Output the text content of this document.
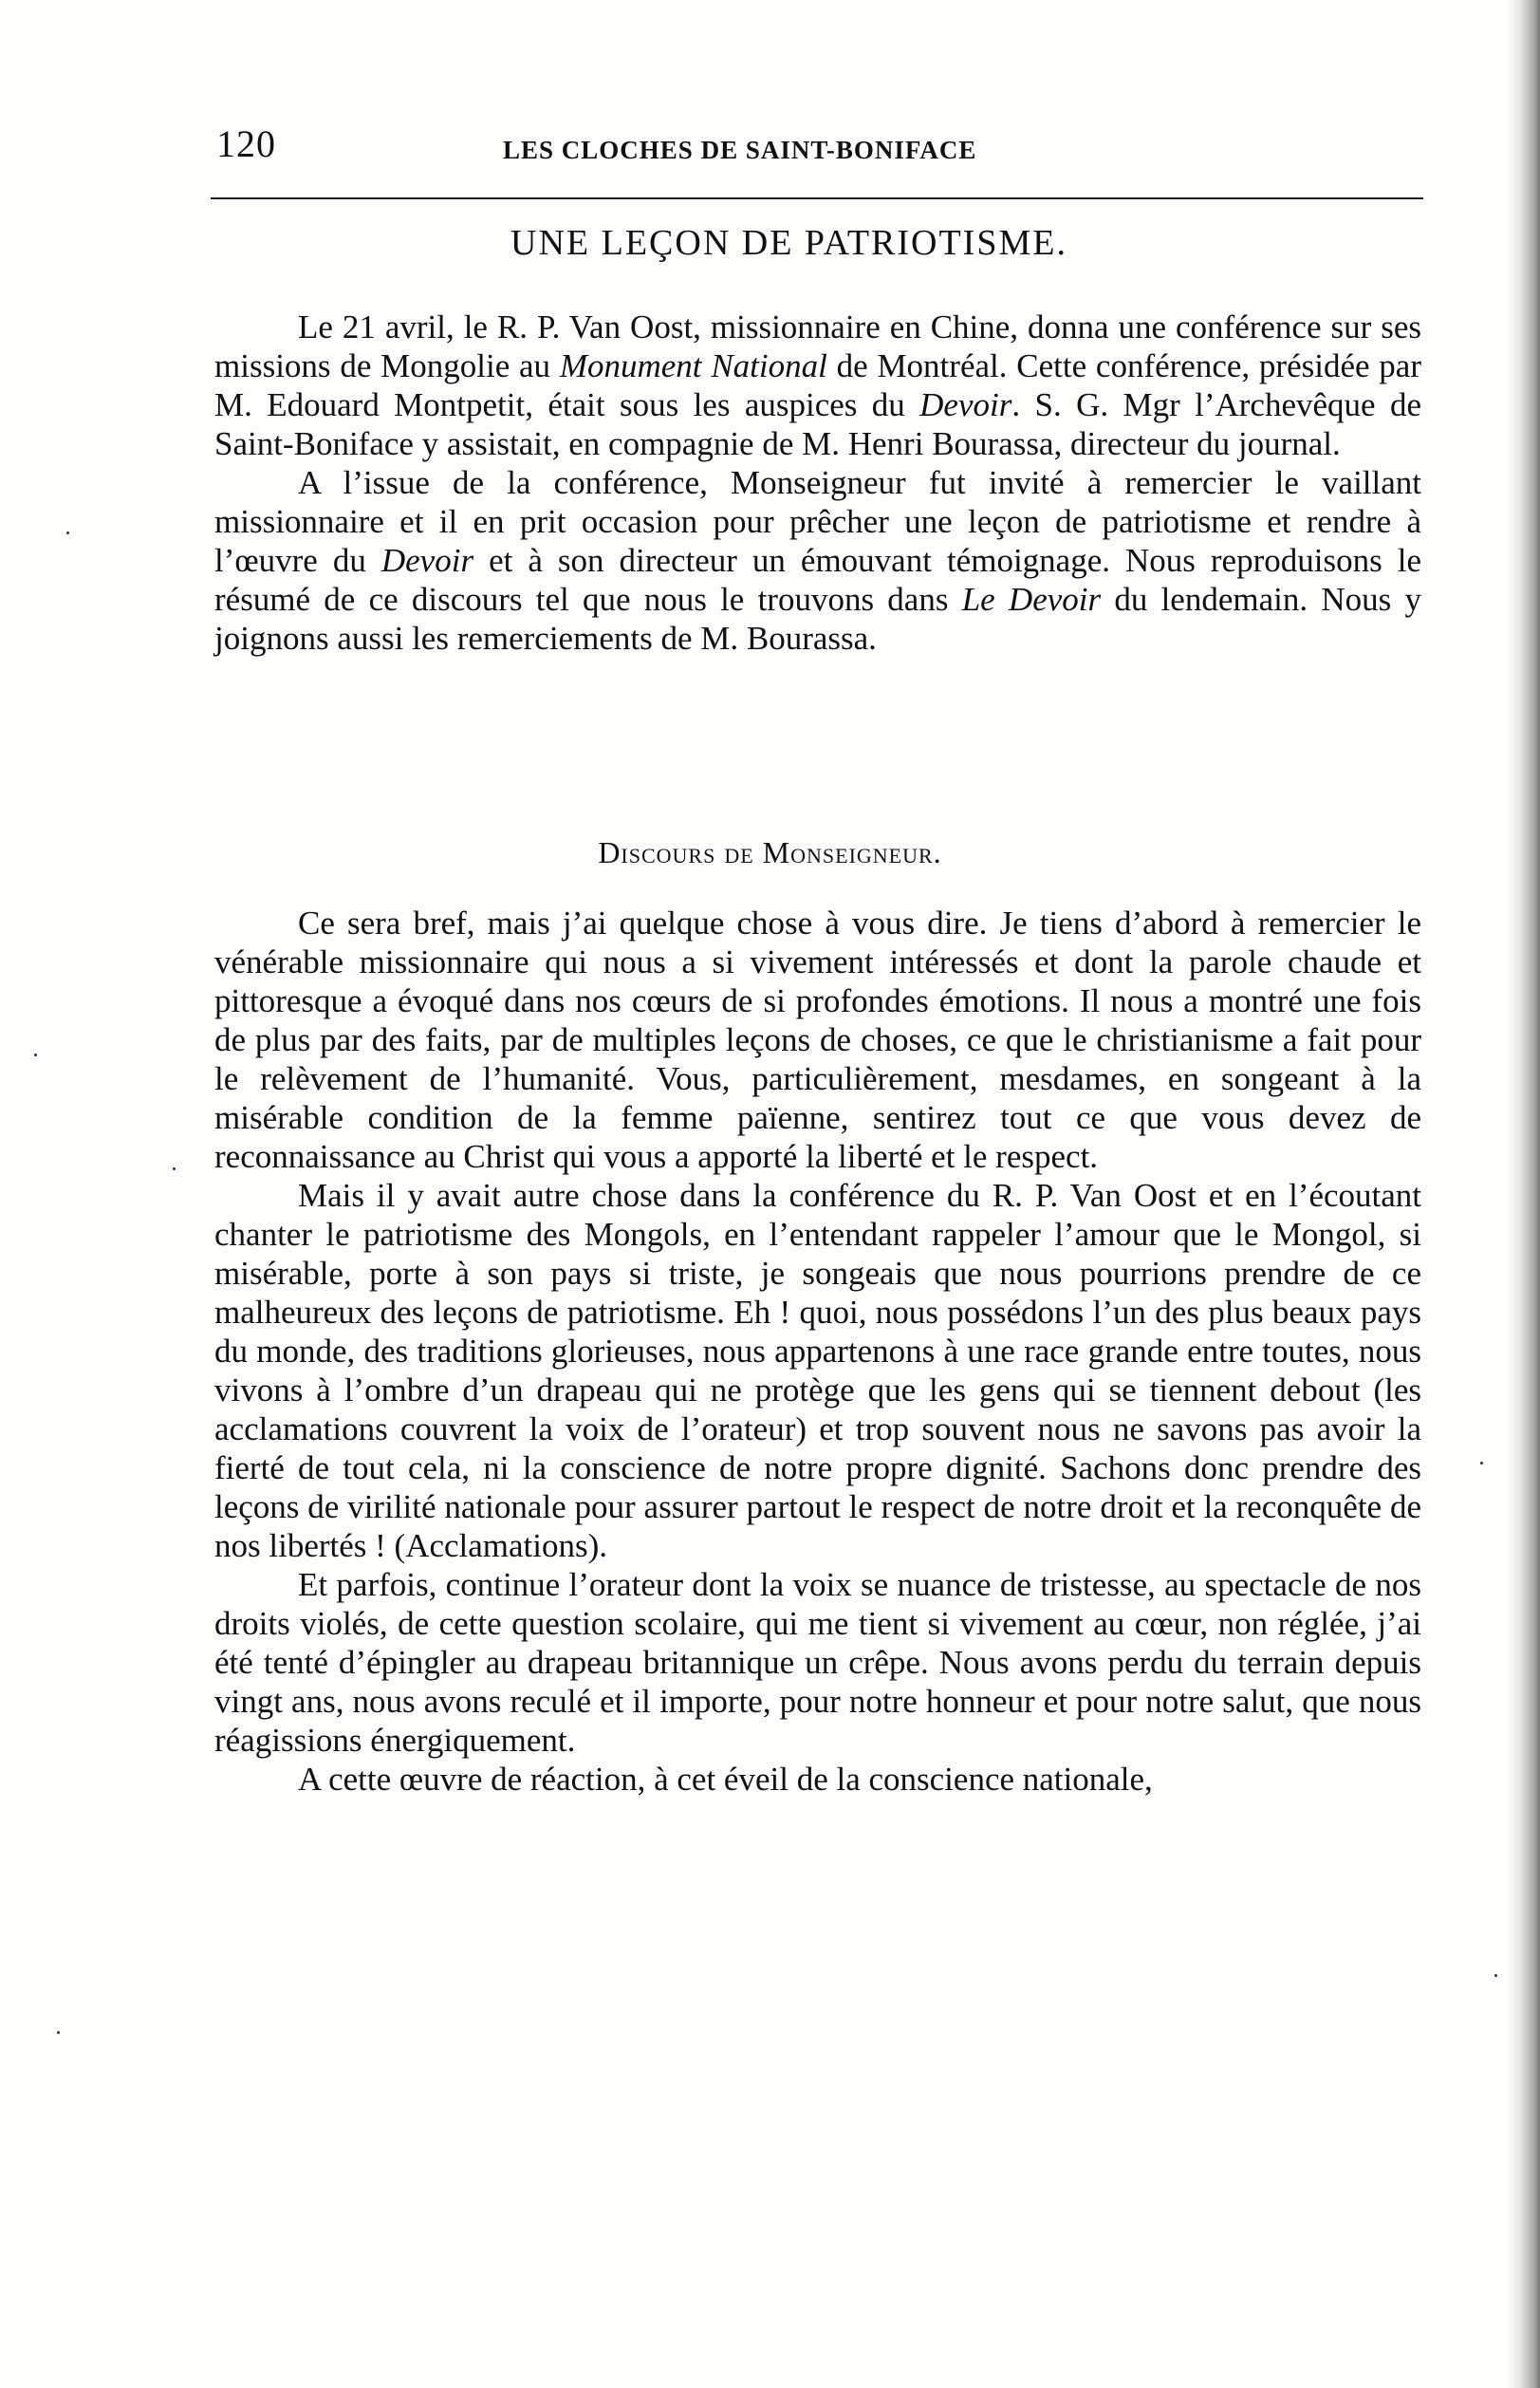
120	LES CLOCHES DE SAINT-BONIFACE
UNE LEÇON DE PATRIOTISME.
Le 21 avril, le R. P. Van Oost, missionnaire en Chine, donna une conférence sur ses missions de Mongolie au Monument National de Montréal. Cette conférence, présidée par M. Edouard Montpetit, était sous les auspices du Devoir. S. G. Mgr l’Archevêque de Saint-Boniface y assistait, en compagnie de M. Henri Bourassa, directeur du journal.
A l’issue de la conférence, Monseigneur fut invité à remercier le vaillant missionnaire et il en prit occasion pour prêcher une leçon de patriotisme et rendre à l’œuvre du Devoir et à son directeur un émouvant témoignage. Nous reproduisons le résumé de ce discours tel que nous le trouvons dans Le Devoir du lendemain. Nous y joignons aussi les remerciements de M. Bourassa.
Discours de Monseigneur.
Ce sera bref, mais j’ai quelque chose à vous dire. Je tiens d’abord à remercier le vénérable missionnaire qui nous a si vivement intéressés et dont la parole chaude et pittoresque a évoqué dans nos cœurs de si profondes émotions. Il nous a montré une fois de plus par des faits, par de multiples leçons de choses, ce que le christianisme a fait pour le relèvement de l’humanité. Vous, particulièrement, mesdames, en songeant à la misérable condition de la femme païenne, sentirez tout ce que vous devez de reconnaissance au Christ qui vous a apporté la liberté et le respect.
Mais il y avait autre chose dans la conférence du R. P. Van Oost et en l’écoutant chanter le patriotisme des Mongols, en l’entendant rappeler l’amour que le Mongol, si misérable, porte à son pays si triste, je songeais que nous pourrions prendre de ce malheureux des leçons de patriotisme. Eh ! quoi, nous possédons l’un des plus beaux pays du monde, des traditions glorieuses, nous appartenons à une race grande entre toutes, nous vivons à l’ombre d’un drapeau qui ne protège que les gens qui se tiennent debout (les acclamations couvrent la voix de l’orateur) et trop souvent nous ne savons pas avoir la fierté de tout cela, ni la conscience de notre propre dignité. Sachons donc prendre des leçons de virilité nationale pour assurer partout le respect de notre droit et la reconquête de nos libertés ! (Acclamations).
Et parfois, continue l’orateur dont la voix se nuance de tristesse, au spectacle de nos droits violés, de cette question scolaire, qui me tient si vivement au cœur, non réglée, j’ai été tenté d’épingler au drapeau britannique un crêpe. Nous avons perdu du terrain depuis vingt ans, nous avons reculé et il importe, pour notre honneur et pour notre salut, que nous réagissions énergiquement.
A cette œuvre de réaction, à cet éveil de la conscience nationale,
